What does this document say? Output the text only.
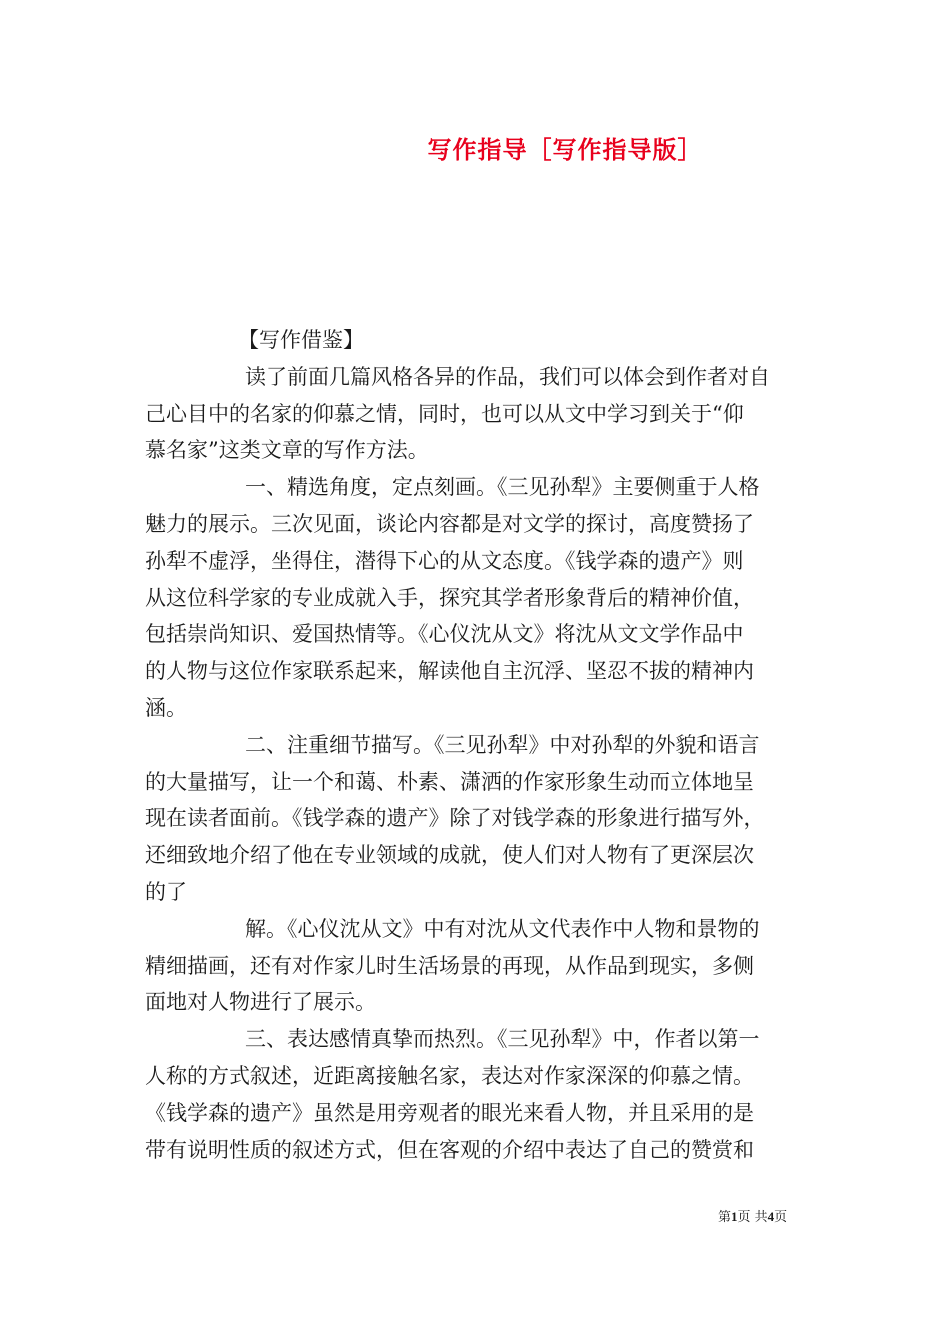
写作指导［写作指导版］
【写作借鉴】
读了前面几篇风格各异的作品，我们可以体会到作者对自
己心目中的名家的仰慕之情，同时，也可以从文中学习到关于“仰
慕名家”这类文章的写作方法。
一、精选角度，定点刻画。《三见孙犁》主要侧重于人格
魅力的展示。三次见面，谈论内容都是对文学的探讨，高度赞扬了
孙犁不虚浮，坐得住，潜得下心的从文态度。《钱学森的遗产》则
从这位科学家的专业成就入手，探究其学者形象背后的精神价值，
包括崇尚知识、爱国热情等。《心仪沈从文》将沈从文文学作品中
的人物与这位作家联系起来，解读他自主沉浮、坚忍不拔的精神内
涵。
二、注重细节描写。《三见孙犁》中对孙犁的外貌和语言
的大量描写，让一个和蔼、朴素、潇洒的作家形象生动而立体地呈
现在读者面前。《钱学森的遗产》除了对钱学森的形象进行描写外，
还细致地介绍了他在专业领域的成就，使人们对人物有了更深层次
的了
解。《心仪沈从文》中有对沈从文代表作中人物和景物的
精细描画，还有对作家儿时生活场景的再现，从作品到现实，多侧
面地对人物进行了展示。
三、表达感情真挚而热烈。《三见孙犁》中，作者以第一
人称的方式叙述，近距离接触名家，表达对作家深深的仰慕之情。
《钱学森的遗产》虽然是用旁观者的眼光来看人物，并且采用的是
带有说明性质的叙述方式，但在客观的介绍中表达了自己的赞赏和
第1页 共4页
